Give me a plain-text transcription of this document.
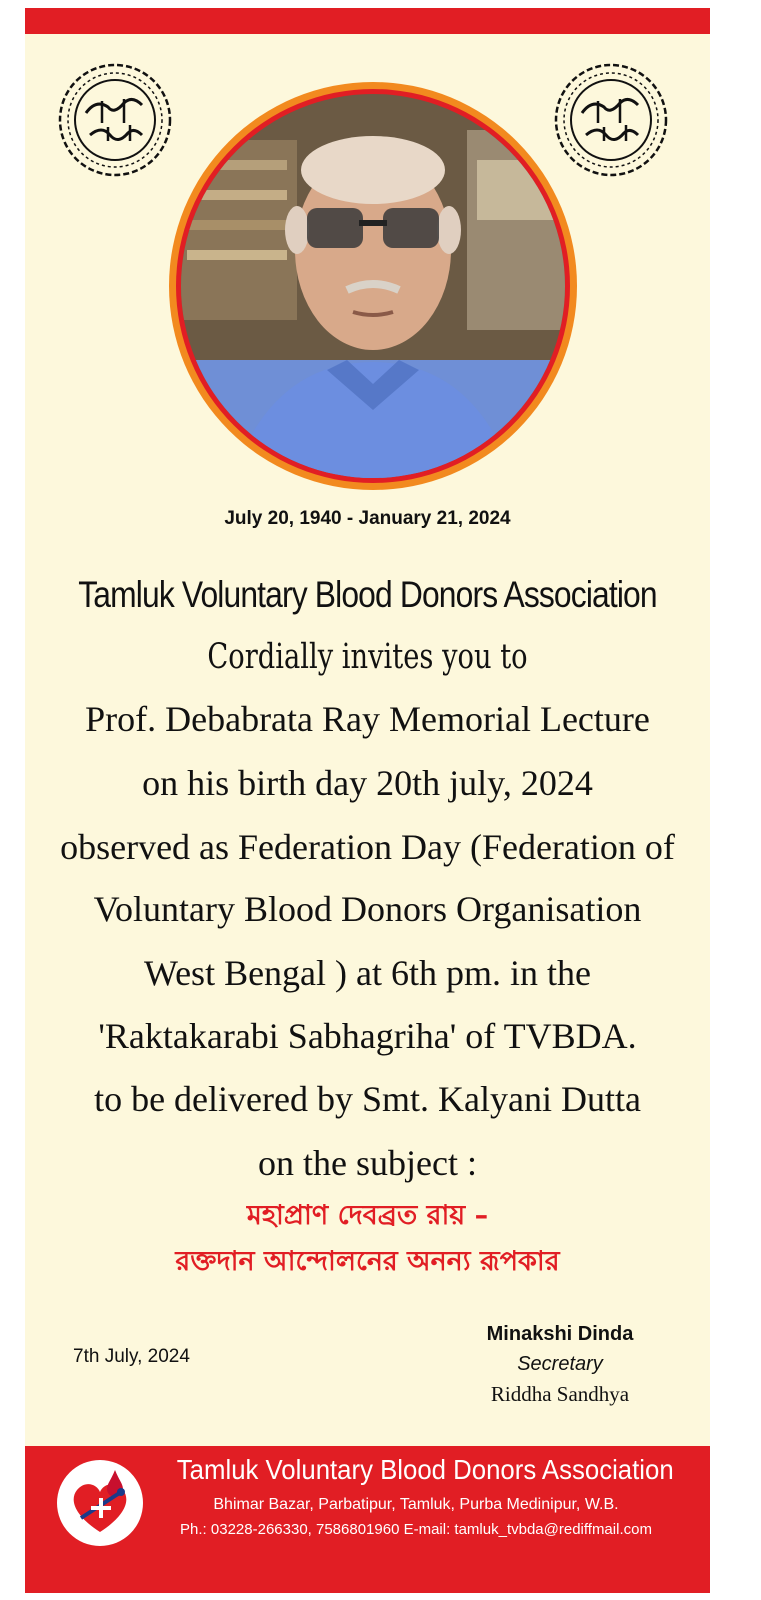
July 20, 1940 - January 21, 2024
Tamluk Voluntary Blood Donors Association
Cordially invites you to
Prof. Debabrata Ray Memorial Lecture
on his birth day 20th july, 2024
observed as Federation Day (Federation of
Voluntary Blood Donors Organisation
West Bengal ) at 6th pm. in the
'Raktakarabi Sabhagriha' of TVBDA.
to be delivered by Smt. Kalyani Dutta
on the subject :
মহাপ্রাণ দেবব্রত রায় –
রক্তদান আন্দোলনের অনন্য রূপকার
7th July, 2024
Minakshi Dinda
Secretary
Riddha Sandhya
Tamluk Voluntary Blood Donors Association
Bhimar Bazar, Parbatipur, Tamluk, Purba Medinipur, W.B.
Ph.: 03228-266330, 7586801960 E-mail: tamluk_tvbda@rediffmail.com
